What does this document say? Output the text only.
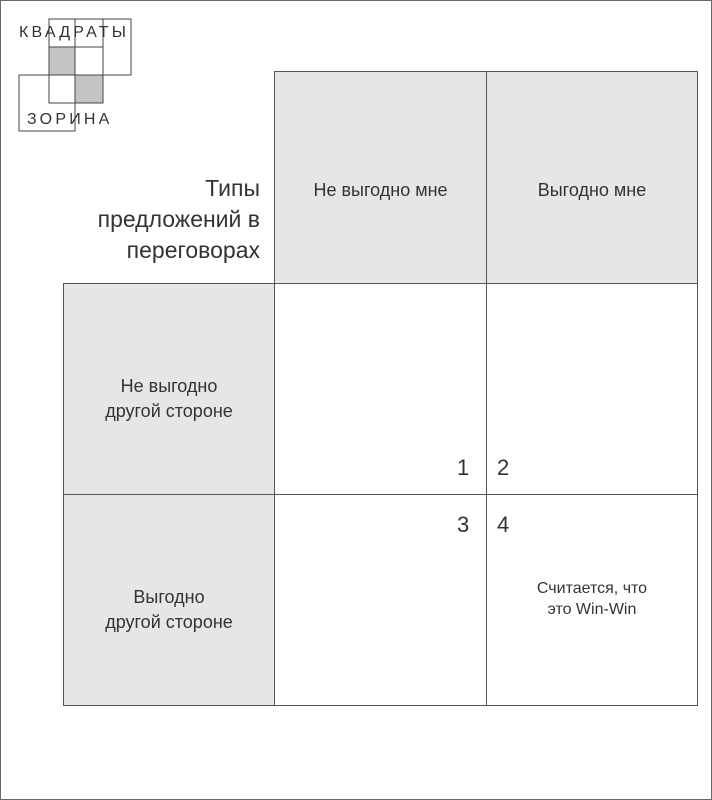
КВАДРАТЫ
ЗОРИНА
Типы
предложений в
переговорах
Не выгодно мне	Выгодно мне
Не выгодно
другой стороне
Выгодно
другой стороне
1 2
3 4
Считается, что
это Win-Win
